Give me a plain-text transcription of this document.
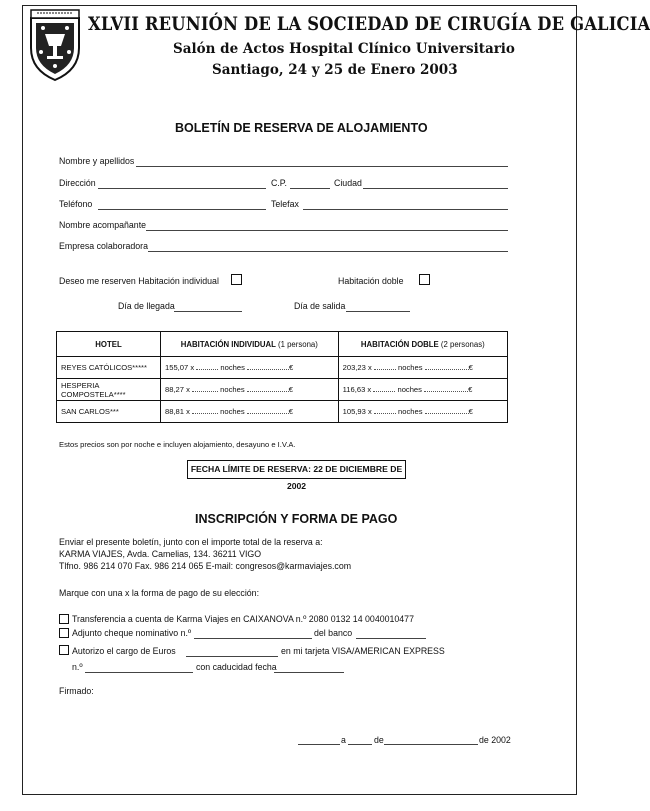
XLVII REUNIÓN DE LA SOCIEDAD DE CIRUGÍA DE GALICIA
Salón de Actos Hospital Clínico Universitario
Santiago, 24 y 25 de Enero 2003
BOLETÍN DE RESERVA DE ALOJAMIENTO
Nombre y apellidos
Dirección	C.P.	Ciudad
Teléfono	Telefax
Nombre acompañante
Empresa colaboradora
Deseo me reserven Habitación individual	Habitación doble
Día de llegada	Día de salida
HOTEL	HABITACIÓN INDIVIDUAL (1 persona)	HABITACIÓN DOBLE (2 personas)
REYES CATÓLICOS*****	155,07 x noches €	203,23 x noches €
HESPERIA COMPOSTELA****	88,27 x noches €	116,63 x noches €
SAN CARLOS***	88,81 x noches €	105,93 x noches €
Estos precios son por noche e incluyen alojamiento, desayuno e I.V.A.
FECHA LÍMITE DE RESERVA: 22 DE DICIEMBRE DE 2002
INSCRIPCIÓN Y FORMA DE PAGO
Enviar el presente boletín, junto con el importe total de la reserva a:
KARMA VIAJES, Avda. Camelias, 134. 36211 VIGO
Tlfno. 986 214 070 Fax. 986 214 065 E-mail: congresos@karmaviajes.com
Marque con una x la forma de pago de su elección:
Transferencia a cuenta de Karma Viajes en CAIXANOVA n.º 2080 0132 14 0040010477
Adjunto cheque nominativo n.º	del banco
Autorizo el cargo de Euros	en mi tarjeta VISA/AMERICAN EXPRESS
n.º	con caducidad fecha
Firmado:
a	de	de 2002
